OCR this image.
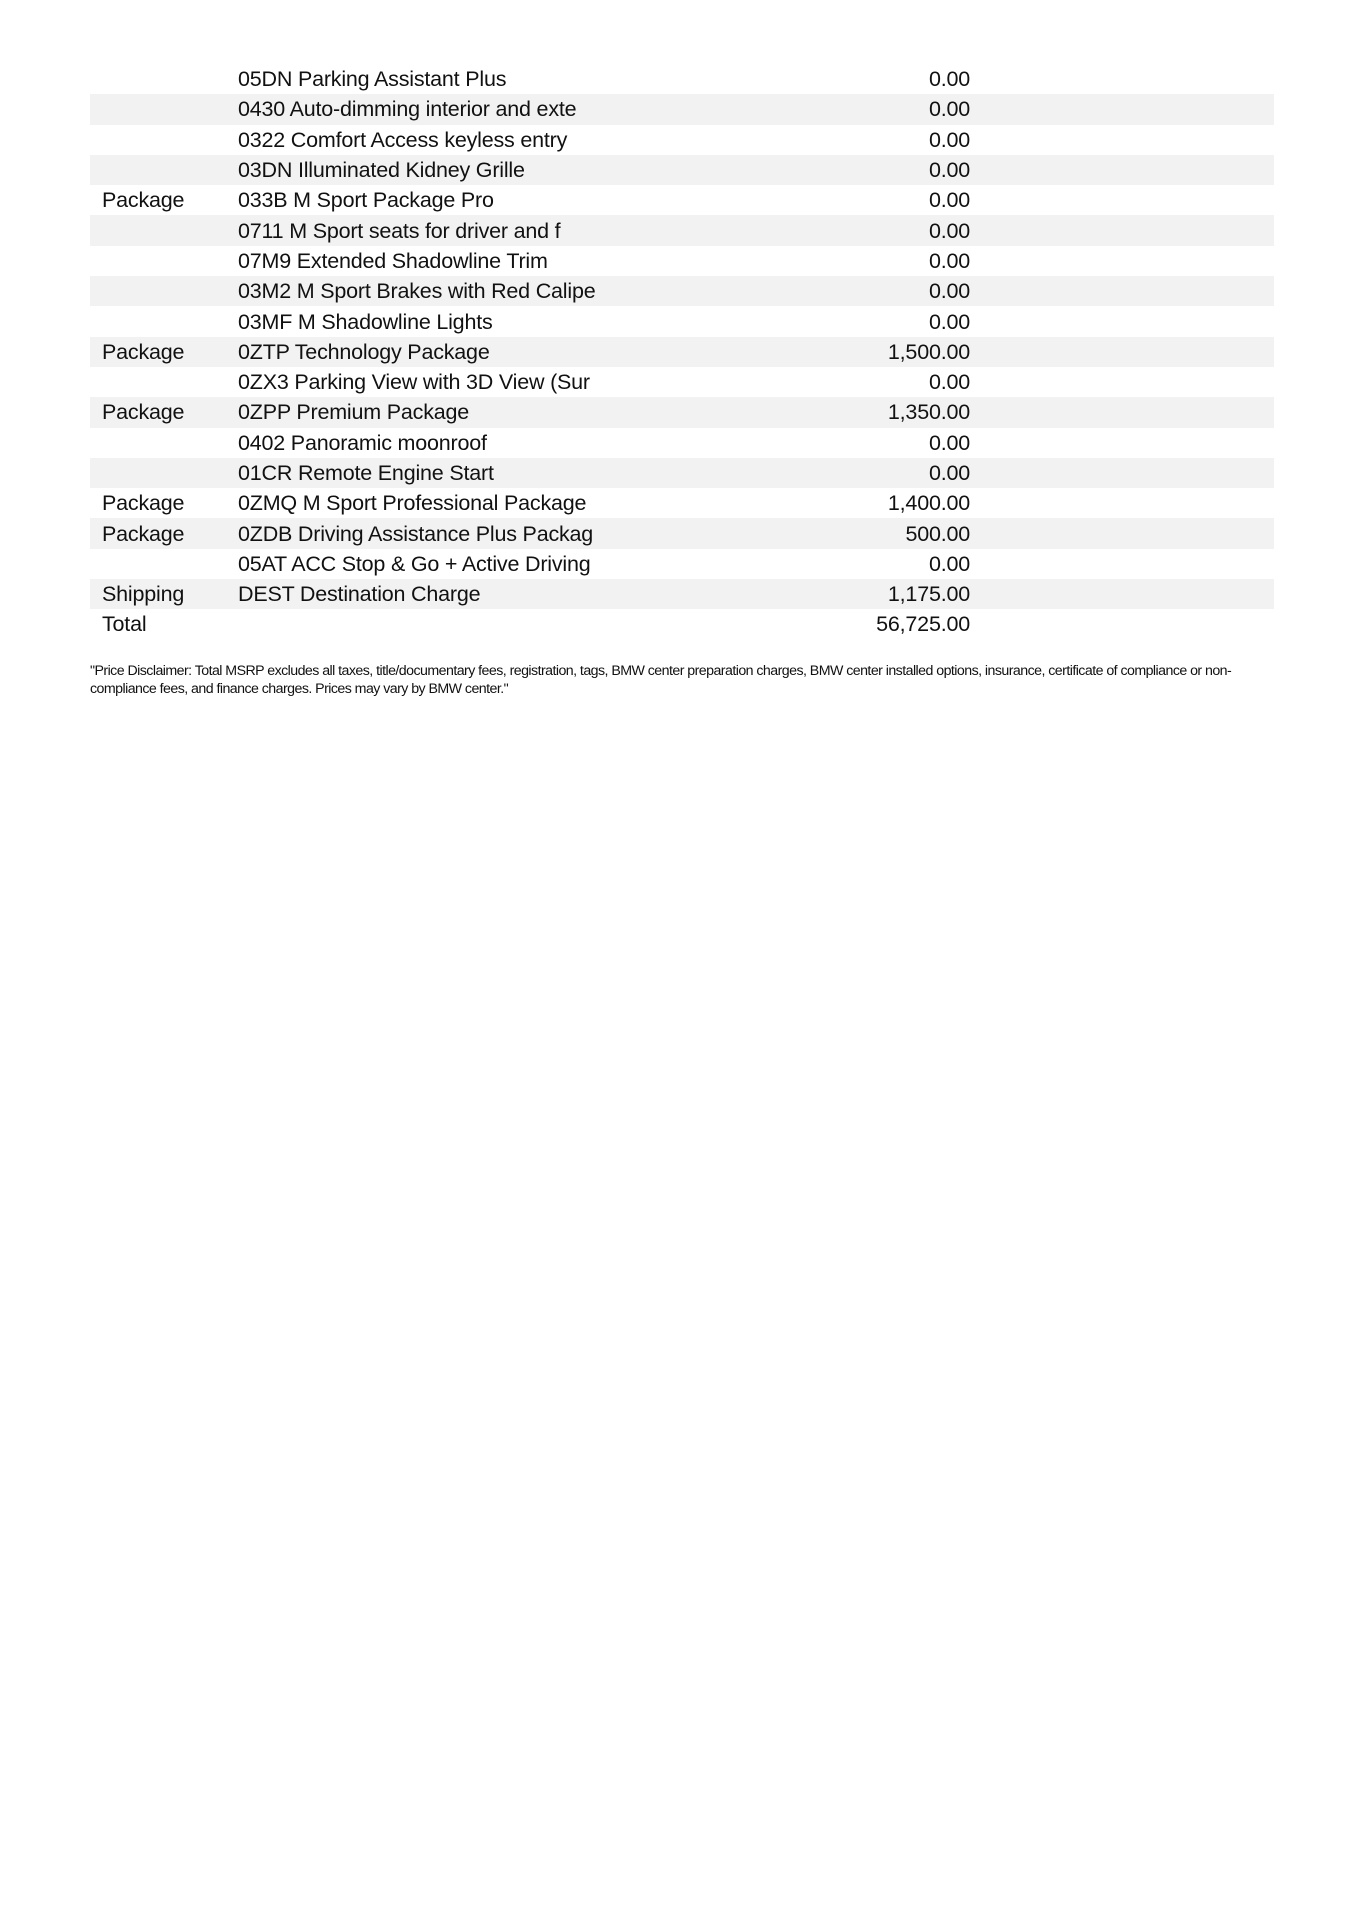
	05DN Parking Assistant Plus	0.00	
	0430 Auto-dimming interior and exte	0.00	
	0322 Comfort Access keyless entry	0.00	
	03DN Illuminated Kidney Grille	0.00	
Package	033B M Sport Package Pro	0.00	
	0711 M Sport seats for driver and f	0.00	
	07M9 Extended Shadowline Trim	0.00	
	03M2 M Sport Brakes with Red Calipe	0.00	
	03MF M Shadowline Lights	0.00	
Package	0ZTP Technology Package	1,500.00	
	0ZX3 Parking View with 3D View (Sur	0.00	
Package	0ZPP Premium Package	1,350.00	
	0402 Panoramic moonroof	0.00	
	01CR Remote Engine Start	0.00	
Package	0ZMQ M Sport Professional Package	1,400.00	
Package	0ZDB Driving Assistance Plus Packag	500.00	
	05AT ACC Stop & Go + Active Driving	0.00	
Shipping	DEST Destination Charge	1,175.00	
Total		56,725.00	
"Price Disclaimer: Total MSRP excludes all taxes, title/documentary fees, registration, tags, BMW center preparation charges, BMW center installed options, insurance, certificate of compliance or non-compliance fees, and finance charges. Prices may vary by BMW center."
